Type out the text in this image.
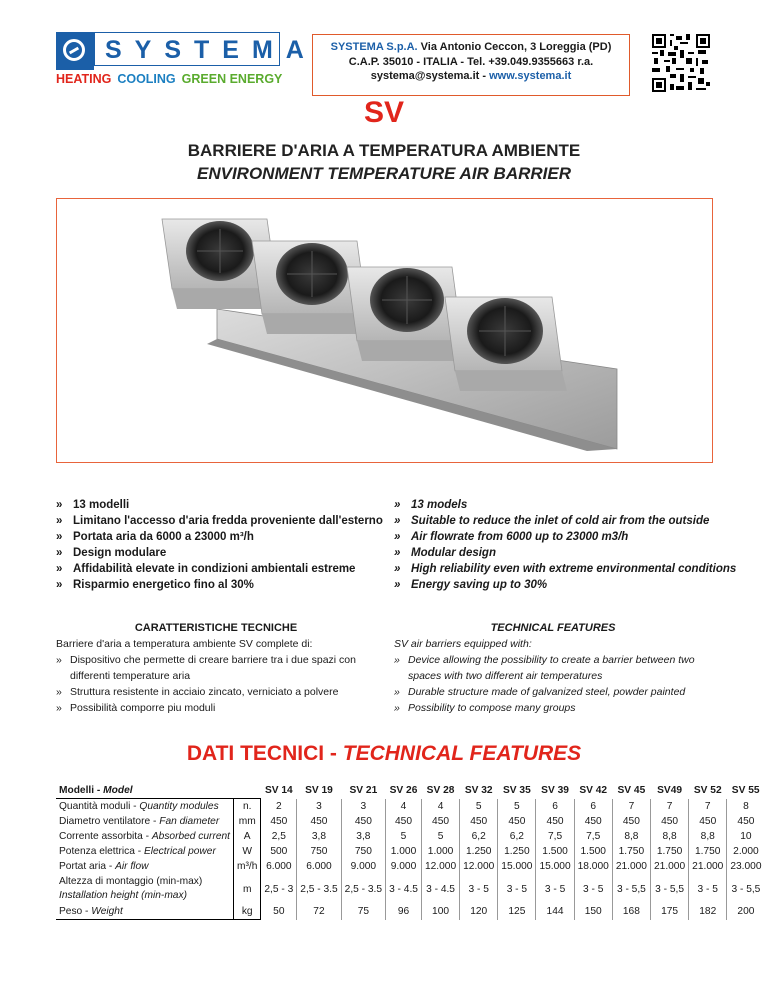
SYSTEMA
HEATING COOLING GREEN ENERGY
SYSTEMA S.p.A. Via Antonio Ceccon, 3 Loreggia (PD)
C.A.P. 35010 - ITALIA - Tel. +39.049.9355663 r.a.
systema@systema.it - www.systema.it
SV
BARRIERE D'ARIA A TEMPERATURA AMBIENTE
ENVIRONMENT TEMPERATURE AIR BARRIER
» 13 modelli
» Limitano l'accesso d'aria fredda proveniente dall'esterno
» Portata aria da 6000 a 23000 m³/h
» Design modulare
» Affidabilità elevate in condizioni ambientali estreme
» Risparmio energetico fino al 30%
» 13 models
» Suitable to reduce the inlet of cold air from the outside
» Air flowrate from 6000 up to 23000 m3/h
» Modular design
» High reliability even with extreme environmental conditions
» Energy saving up to 30%
CARATTERISTICHE TECNICHE
Barriere d'aria a temperatura ambiente SV complete di:
» Dispositivo che permette di creare barriere tra i due spazi con differenti temperature aria
» Struttura resistente in acciaio zincato, verniciato a polvere
» Possibilità comporre piu moduli
TECHNICAL FEATURES
SV air barriers equipped with:
» Device allowing the possibility to create a barrier between two spaces with two different air temperatures
» Durable structure made of galvanized steel, powder painted
» Possibility to compose many groups
DATI TECNICI - TECHNICAL FEATURES
Modelli - Model		SV 14	SV 19	SV 21	SV 26	SV 28	SV 32	SV 35	SV 39	SV 42	SV 45	SV49	SV 52	SV 55
Quantità moduli - Quantity modules	n.	2	3	3	4	4	5	5	6	6	7	7	7	8
Diametro ventilatore - Fan diameter	mm	450	450	450	450	450	450	450	450	450	450	450	450	450
Corrente assorbita - Absorbed current	A	2,5	3,8	3,8	5	5	6,2	6,2	7,5	7,5	8,8	8,8	8,8	10
Potenza elettrica - Electrical power	W	500	750	750	1.000	1.000	1.250	1.250	1.500	1.500	1.750	1.750	1.750	2.000
Portat aria - Air flow	m³/h	6.000	6.000	9.000	9.000	12.000	12.000	15.000	15.000	18.000	21.000	21.000	21.000	23.000

Altezza di montaggio (min-max)
Installation height (min-max)	m	2,5 - 3	2,5 - 3.5	2,5 - 3.5	3 - 4.5	3 - 4.5	3 - 5	3 - 5	3 - 5	3 - 5	3 - 5,5	3 - 5,5	3 - 5	3 - 5,5
Peso - Weight	kg	50	72	75	96	100	120	125	144	150	168	175	182	200
